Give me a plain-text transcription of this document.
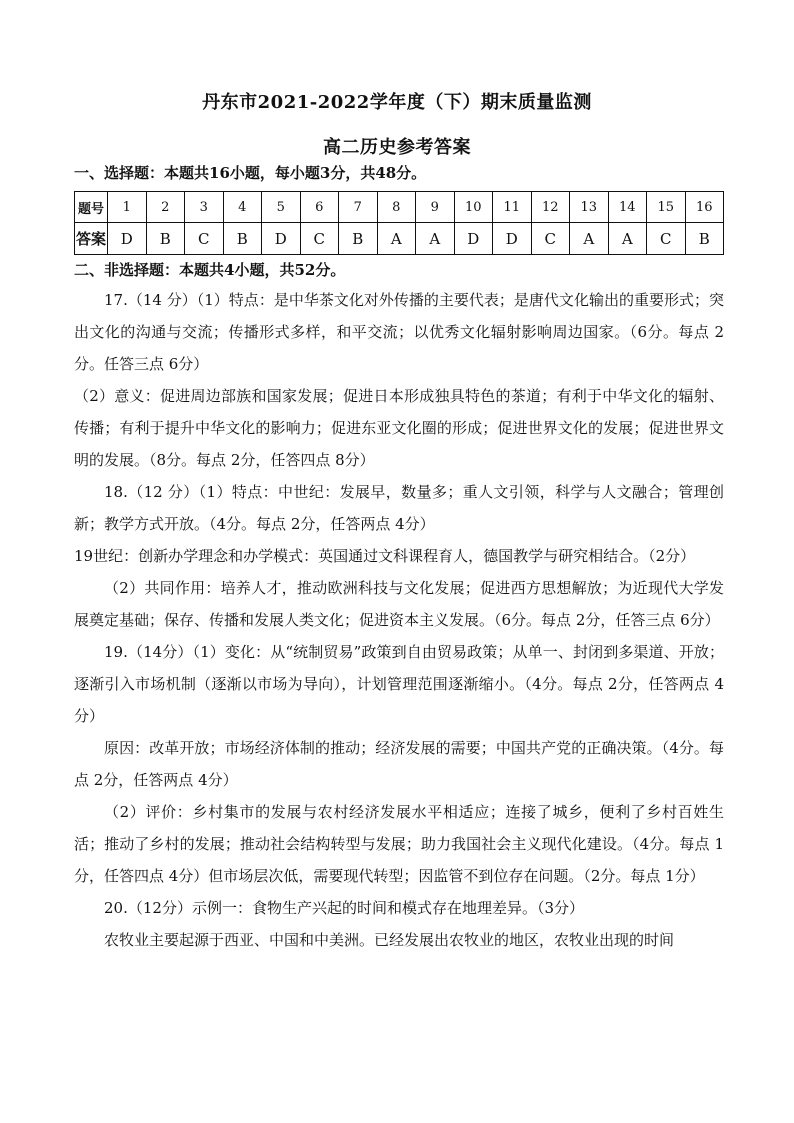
丹东市2021-2022学年度（下）期末质量监测
高二历史参考答案
一、选择题：本题共16小题，每小题3分，共48分。
题号	1	2	3	4	5	6	7	8	9	10	11	12	13	14	15	16
答案	D	B	C	B	D	C	B	A	A	D	D	C	A	A	C	B
二、非选择题：本题共4小题，共52分。

17.（14 分）（1）特点：是中华茶文化对外传播的主要代表；是唐代文化输出的重要形式；突出文化的沟通与交流；传播形式多样，和平交流；以优秀文化辐射影响周边国家。（6分。每点 2分。任答三点 6分）

（2）意义：促进周边部族和国家发展；促进日本形成独具特色的茶道；有利于中华文化的辐射、传播；有利于提升中华文化的影响力；促进东亚文化圈的形成；促进世界文化的发展；促进世界文明的发展。（8分。每点 2分，任答四点 8分）

18.（12 分）（1）特点：中世纪：发展早，数量多；重人文引领，科学与人文融合；管理创新；教学方式开放。（4分。每点 2分，任答两点 4分）

19世纪：创新办学理念和办学模式：英国通过文科课程育人，德国教学与研究相结合。（2分）

（2）共同作用：培养人才，推动欧洲科技与文化发展；促进西方思想解放；为近现代大学发展奠定基础；保存、传播和发展人类文化；促进资本主义发展。（6分。每点 2分，任答三点 6分）

19.（14分）（1）变化：从“统制贸易”政策到自由贸易政策；从单一、封闭到多渠道、开放；逐渐引入市场机制（逐渐以市场为导向），计划管理范围逐渐缩小。（4分。每点 2分，任答两点 4分）

原因：改革开放；市场经济体制的推动；经济发展的需要；中国共产党的正确决策。（4分。每点 2分，任答两点 4分）

（2）评价：乡村集市的发展与农村经济发展水平相适应；连接了城乡，便利了乡村百姓生活；推动了乡村的发展；推动社会结构转型与发展；助力我国社会主义现代化建设。（4分。每点 1分，任答四点 4分）但市场层次低，需要现代转型；因监管不到位存在问题。（2分。每点 1分）

20.（12分）示例一：食物生产兴起的时间和模式存在地理差异。（3分）

农牧业主要起源于西亚、中国和中美洲。已经发展出农牧业的地区，农牧业出现的时间
